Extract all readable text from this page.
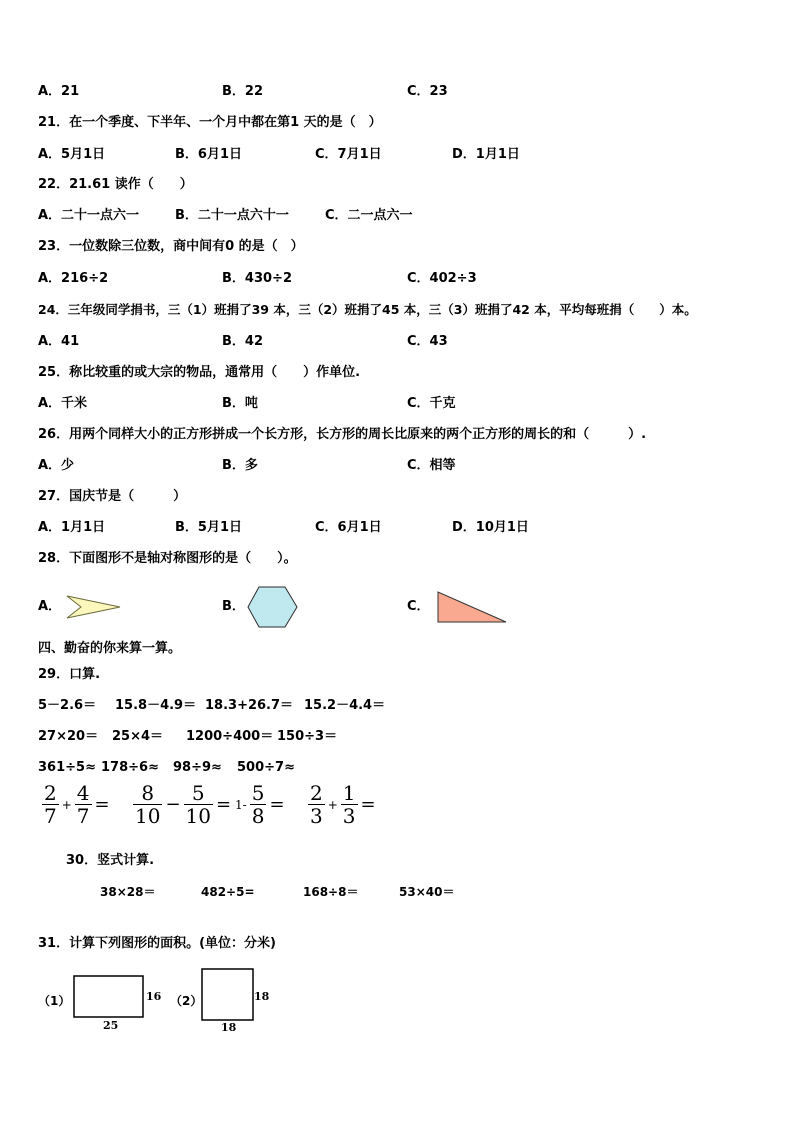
A．21	B．22	C．23
21．在一个季度、下半年、一个月中都在第1 天的是（　）
A．5月1日	B．6月1日	C．7月1日	D．1月1日
22．21.61 读作（　　）
A．二十一点六一	B．二十一点六十一	C．二一点六一
23．一位数除三位数，商中间有0 的是（　）
A．216÷2	B．430÷2	C．402÷3
24．三年级同学捐书，三（1）班捐了39 本，三（2）班捐了45 本，三（3）班捐了42 本，平均每班捐（　　）本。
A．41	B．42	C．43
25．称比较重的或大宗的物品，通常用（　　）作单位.
A．千米	B．吨	C．千克
26．用两个同样大小的正方形拼成一个长方形，长方形的周长比原来的两个正方形的周长的和（　　　）.
A．少	B．多	C．相等
27．国庆节是（　　　）
A．1月1日	B．5月1日	C．6月1日	D．10月1日
28．下面图形不是轴对称图形的是（　　）。
A．	B．	C．
四、勤奋的你来算一算。
29．口算.
5－2.6＝ 15.8－4.9＝ 18.3+26.7＝ 15.2－4.4＝
27×20＝ 25×4＝ 1200÷400＝ 150÷3＝
361÷5≈ 178÷6≈ 98÷9≈ 500÷7≈
$\frac{2}{7} + \frac{4}{7} = \frac{8}{10} - \frac{5}{10} = 1- \frac{5}{8} = \frac{2}{3} + \frac{1}{3}$ =
30．竖式计算.
38×28＝	482÷5=	168÷8＝	53×40＝
31．计算下列图形的面积。(单位：分米)
（1）	16
25
（2）	18
18
